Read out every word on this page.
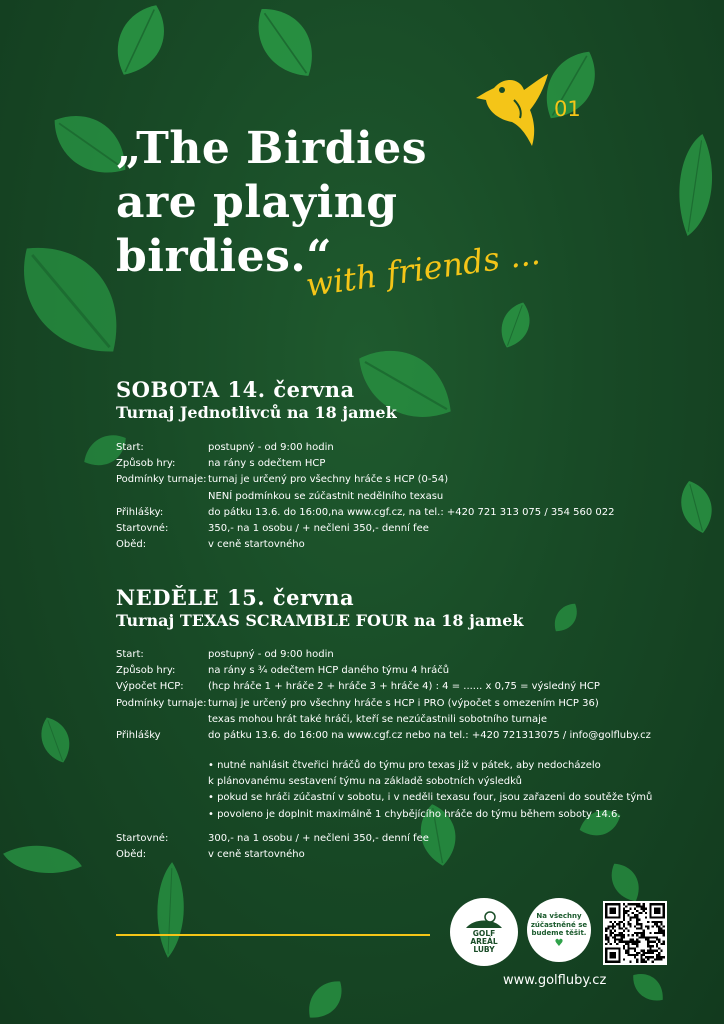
01
„The Birdies
are playing
birdies.“
with friends ...
SOBOTA 14. června
Turnaj Jednotlivců na 18 jamek
Start:	postupný - od 9:00 hodin
Způsob hry:	na rány s odečtem HCP
Podmínky turnaje: turnaj je určený pro všechny hráče s HCP (0-54)
NENÍ podmínkou se zúčastnit nedělního texasu
Přihlášky:	do pátku 13.6. do 16:00,na www.cgf.cz, na tel.: +420 721 313 075 / 354 560 022
Startovné:	350,- na 1 osobu / + nečleni 350,- denní fee
Oběd:	v ceně startovného
NEDĚLE 15. června
Turnaj TEXAS SCRAMBLE FOUR na 18 jamek
Start:	postupný - od 9:00 hodin
Způsob hry:	na rány s ¾ odečtem HCP daného týmu 4 hráčů
Výpočet HCP:	(hcp hráče 1 + hráče 2 + hráče 3 + hráče 4) : 4 = ...... x 0,75 = výsledný HCP
Podmínky turnaje: turnaj je určený pro všechny hráče s HCP i PRO (výpočet s omezením HCP 36)
texas mohou hrát také hráči, kteří se nezúčastnili sobotního turnaje
Přihlášky	do pátku 13.6. do 16:00 na www.cgf.cz nebo na tel.: +420 721313075 / info@golfluby.cz
• nutné nahlásit čtveřici hráčů do týmu pro texas již v pátek, aby nedocházelo
k plánovanému sestavení týmu na základě sobotních výsledků
• pokud se hráči zúčastní v sobotu, i v neděli texasu four, jsou zařazeni do soutěže týmů
• povoleno je doplnit maximálně 1 chybějícího hráče do týmu během soboty 14.6.
Startovné:	300,- na 1 osobu / + nečleni 350,- denní fee
Oběd:	v ceně startovného
GOLF
AREÁL
LUBY
Na všechny
zúčastněné se
budeme těšit.
♥
www.golfluby.cz
